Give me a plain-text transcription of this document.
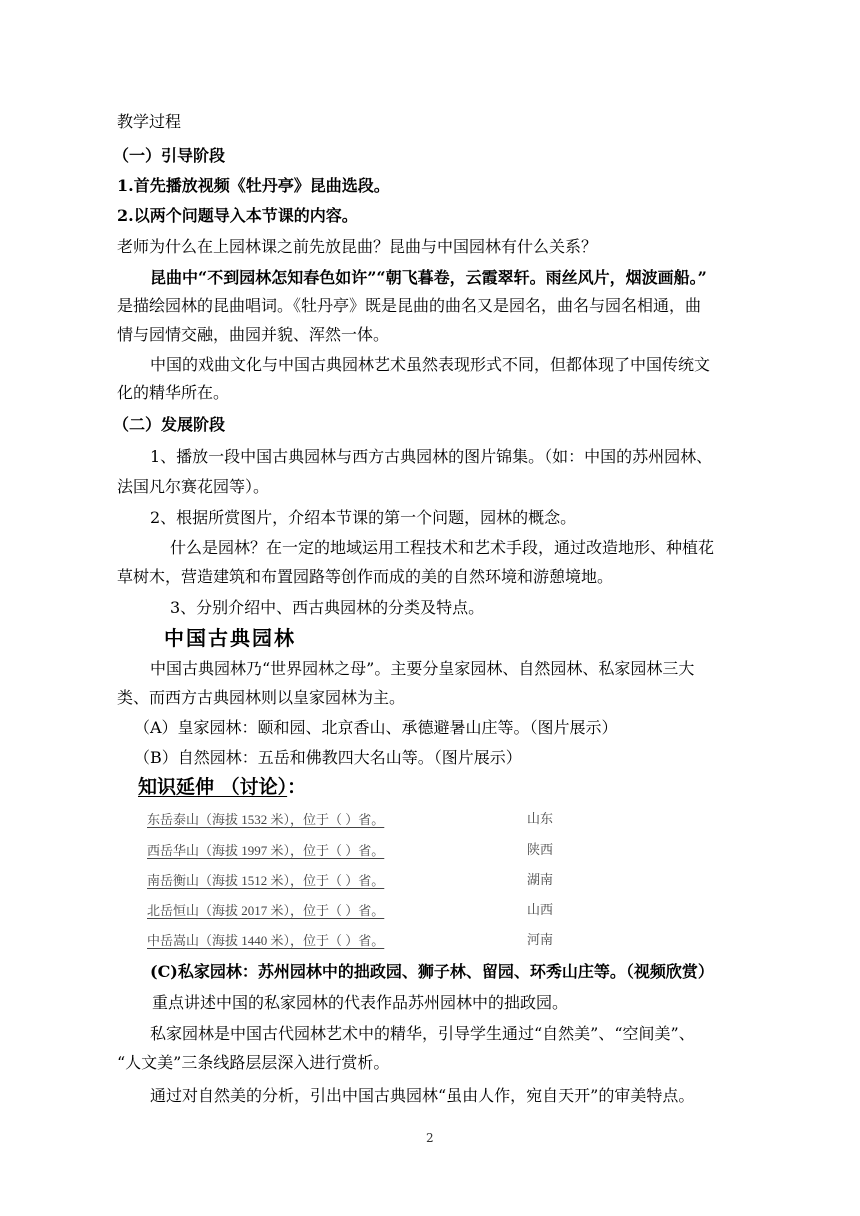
教学过程
（一）引导阶段
1.首先播放视频《牡丹亭》昆曲选段。
2.以两个问题导入本节课的内容。
老师为什么在上园林课之前先放昆曲？昆曲与中国园林有什么关系？
昆曲中“不到园林怎知春色如许”“朝飞暮卷，云霞翠轩。雨丝风片，烟波画船。”
是描绘园林的昆曲唱词。《牡丹亭》既是昆曲的曲名又是园名，曲名与园名相通，曲
情与园情交融，曲园并貌、浑然一体。
中国的戏曲文化与中国古典园林艺术虽然表现形式不同，但都体现了中国传统文
化的精华所在。
（二）发展阶段
1、播放一段中国古典园林与西方古典园林的图片锦集。（如：中国的苏州园林、
法国凡尔赛花园等）。
2、根据所赏图片，介绍本节课的第一个问题，园林的概念。
什么是园林？在一定的地域运用工程技术和艺术手段，通过改造地形、种植花
草树木，营造建筑和布置园路等创作而成的美的自然环境和游憩境地。
3、分别介绍中、西古典园林的分类及特点。
中国古典园林
中国古典园林乃“世界园林之母”。主要分皇家园林、自然园林、私家园林三大
类、而西方古典园林则以皇家园林为主。
（A）皇家园林：颐和园、北京香山、承德避暑山庄等。（图片展示）
（B）自然园林：五岳和佛教四大名山等。（图片展示）
知识延伸 （讨论）：
东岳泰山（海拔 1532 米），位于（ ）省。	山东
西岳华山（海拔 1997 米），位于（ ）省。	陕西
南岳衡山（海拔 1512 米），位于（ ）省。	湖南
北岳恒山（海拔 2017 米），位于（ ）省。	山西
中岳嵩山（海拔 1440 米），位于（ ）省。	河南
(C)私家园林：苏州园林中的拙政园、狮子林、留园、环秀山庄等。（视频欣赏）
重点讲述中国的私家园林的代表作品苏州园林中的拙政园。
私家园林是中国古代园林艺术中的精华，引导学生通过“自然美”、“空间美”、
“人文美”三条线路层层深入进行赏析。
通过对自然美的分析，引出中国古典园林“虽由人作，宛自天开”的审美特点。
2
